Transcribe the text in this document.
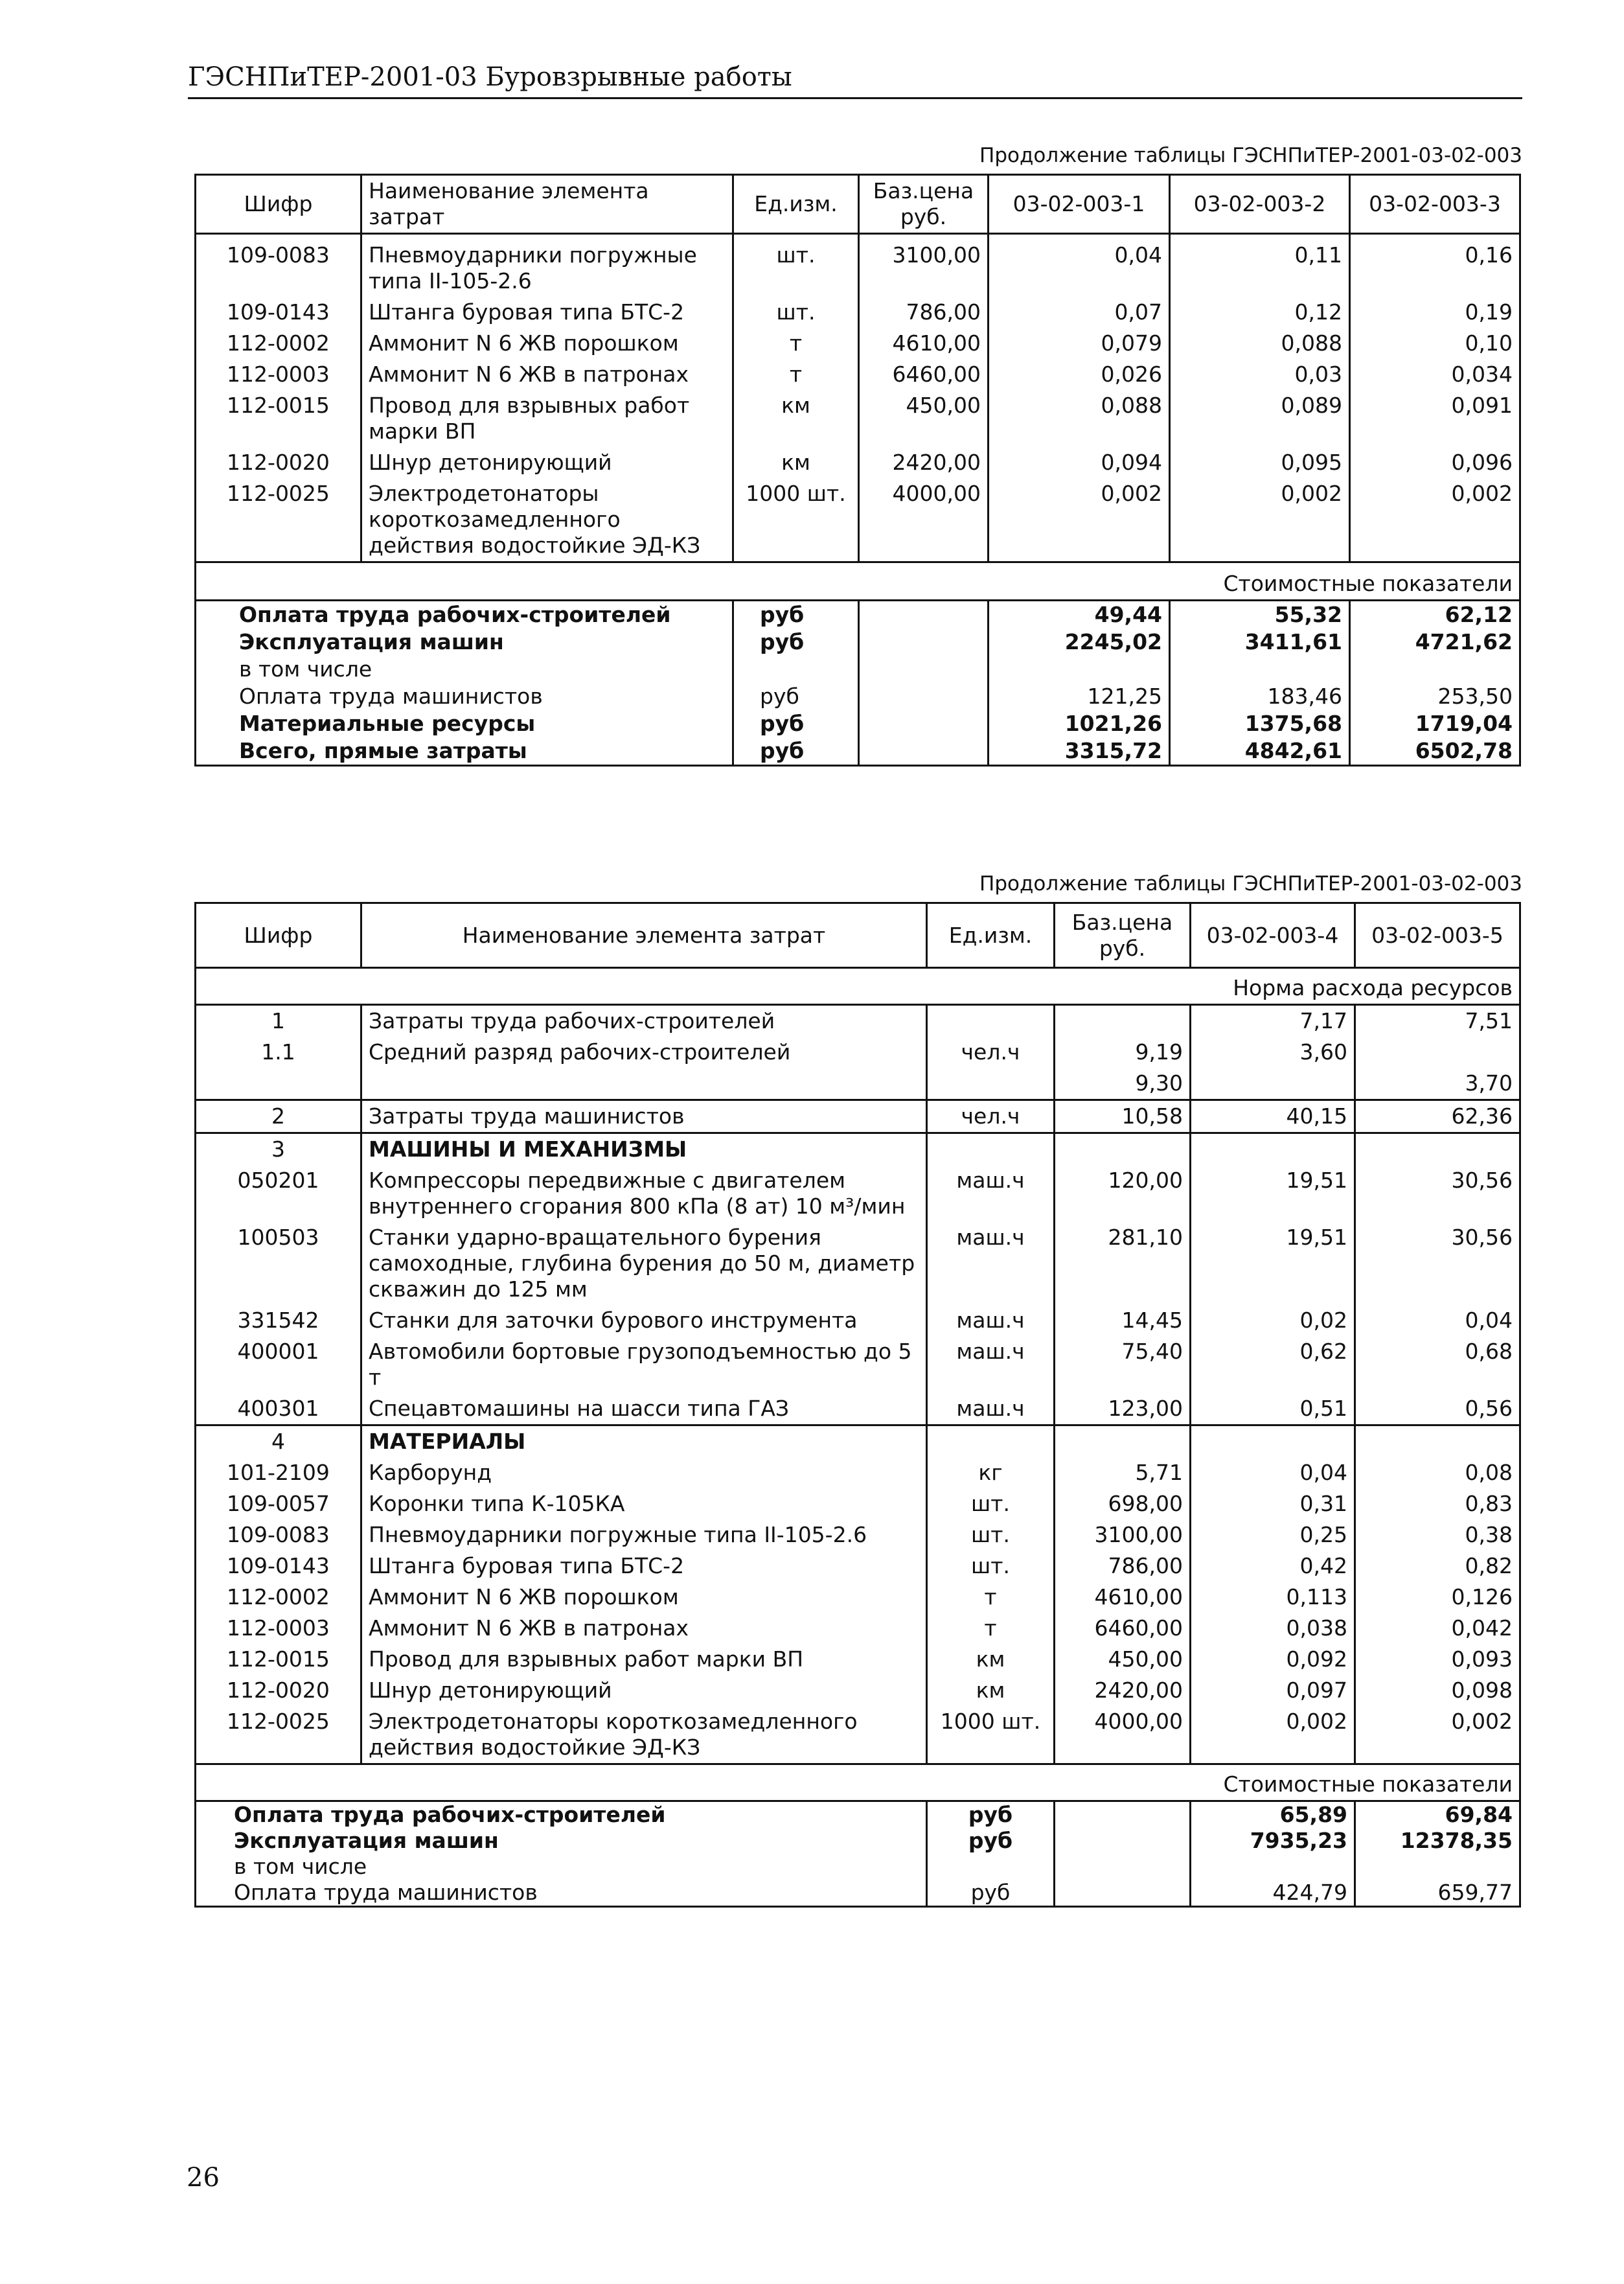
ГЭСНПиТЕР-2001-03 Буровзрывные работы
Продолжение таблицы ГЭСНПиТЕР-2001-03-02-003
Шифр	Наименование элемента затрат	Ед.изм.	Баз.цена руб.	03-02-003-1	03-02-003-2	03-02-003-3
109-0083	Пневмоударники погружные типа II-105-2.6	шт.	3100,00	0,04	0,11	0,16
109-0143	Штанга буровая типа БТС-2	шт.	786,00	0,07	0,12	0,19
112-0002	Аммонит N 6 ЖВ порошком	т	4610,00	0,079	0,088	0,10
112-0003	Аммонит N 6 ЖВ в патронах	т	6460,00	0,026	0,03	0,034
112-0015	Провод для взрывных работ марки ВП	км	450,00	0,088	0,089	0,091
112-0020	Шнур детонирующий	км	2420,00	0,094	0,095	0,096
112-0025	Электродетонаторы короткозамедленного действия водостойкие ЭД-КЗ	1000 шт.	4000,00	0,002	0,002	0,002
Стоимостные показатели						
Оплата труда рабочих-строителей		руб		49,44	55,32	62,12
Эксплуатация машин		руб		2245,02	3411,61	4721,62
в том числе						
Оплата труда машинистов		руб		121,25	183,46	253,50
Материальные ресурсы		руб		1021,26	1375,68	1719,04
Всего, прямые затраты		руб		3315,72	4842,61	6502,78
Продолжение таблицы ГЭСНПиТЕР-2001-03-02-003
Шифр	Наименование элемента затрат	Ед.изм.	Баз.цена руб.	03-02-003-4	03-02-003-5
Норма расхода ресурсов					
1	Затраты труда рабочих-строителей			7,17	7,51
1.1	Средний разряд рабочих-строителей	чел.ч	9,19	3,60	
			9,30		3,70
2	Затраты труда машинистов	чел.ч	10,58	40,15	62,36
3	МАШИНЫ И МЕХАНИЗМЫ				
050201	Компрессоры передвижные с двигателем внутреннего сгорания 800 кПа (8 ат) 10 м³/мин	маш.ч	120,00	19,51	30,56
100503	Станки ударно-вращательного бурения самоходные, глубина бурения до 50 м, диаметр скважин до 125 мм	маш.ч	281,10	19,51	30,56
331542	Станки для заточки бурового инструмента	маш.ч	14,45	0,02	0,04
400001	Автомобили бортовые грузоподъемностью до 5 т	маш.ч	75,40	0,62	0,68
400301	Спецавтомашины на шасси типа ГАЗ	маш.ч	123,00	0,51	0,56
4	МАТЕРИАЛЫ				
101-2109	Карборунд	кг	5,71	0,04	0,08
109-0057	Коронки типа К-105КА	шт.	698,00	0,31	0,83
109-0083	Пневмоударники погружные типа II-105-2.6	шт.	3100,00	0,25	0,38
109-0143	Штанга буровая типа БТС-2	шт.	786,00	0,42	0,82
112-0002	Аммонит N 6 ЖВ порошком	т	4610,00	0,113	0,126
112-0003	Аммонит N 6 ЖВ в патронах	т	6460,00	0,038	0,042
112-0015	Провод для взрывных работ марки ВП	км	450,00	0,092	0,093
112-0020	Шнур детонирующий	км	2420,00	0,097	0,098
112-0025	Электродетонаторы короткозамедленного действия водостойкие ЭД-КЗ	1000 шт.	4000,00	0,002	0,002
Стоимостные показатели					
Оплата труда рабочих-строителей		руб		65,89	69,84
Эксплуатация машин		руб		7935,23	12378,35
в том числе					
Оплата труда машинистов		руб		424,79	659,77
26
